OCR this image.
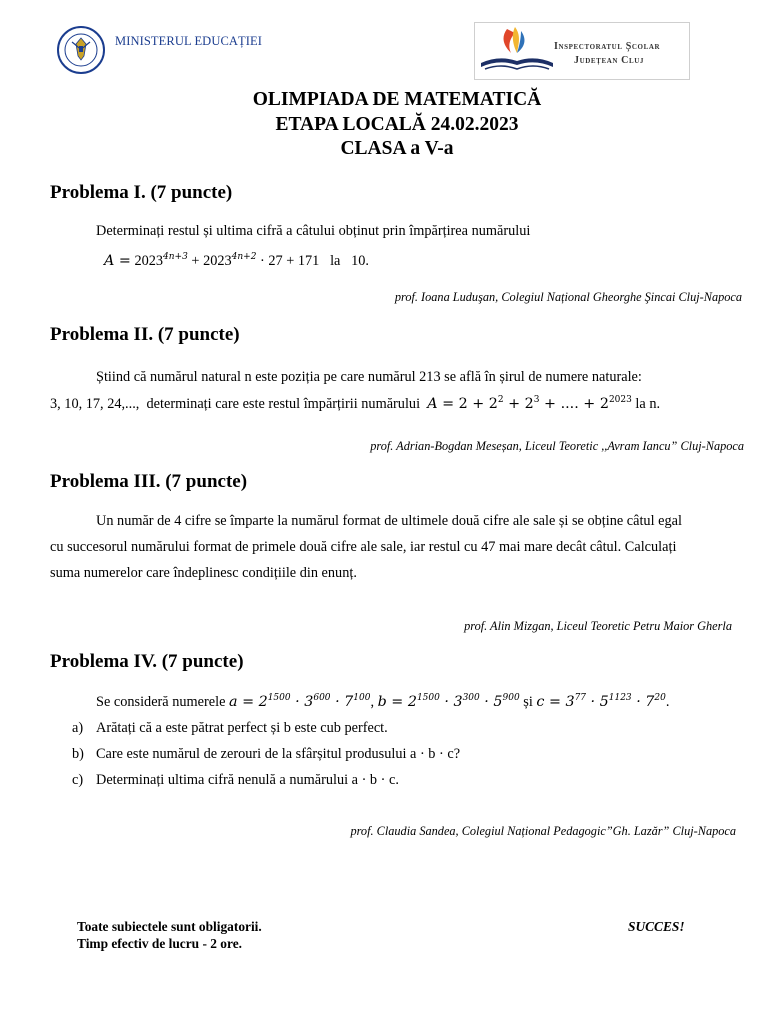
MINISTERUL EDUCAȚIEI	Inspectoratul Școlar
Județean Cluj
OLIMPIADA DE MATEMATICĂ
ETAPA LOCALĂ 24.02.2023
CLASA a V-a
Problema I. (7 puncte)
Determinați restul și ultima cifră a câtului obținut prin împărțirea numărului
$A = 2023^{4n+3} + 2023^{4n+2} \cdot 27 + 171$ la 10.
prof. Ioana Luduşan, Colegiul Național Gheorghe Şincai Cluj-Napoca
Problema II. (7 puncte)
Știind că numărul natural n este poziția pe care numărul 213 se află în șirul de numere naturale:
3, 10, 17, 24,..., determinați care este restul împărțirii numărului $A = 2 + 2^2 + 2^3$ + .... + $2^{2023}$ la n.
prof. Adrian-Bogdan Meseșan, Liceul Teoretic ,,Avram Iancu” Cluj-Napoca
Problema III. (7 puncte)
Un număr de 4 cifre se împarte la numărul format de ultimele două cifre ale sale și se obține câtul egal
cu succesorul numărului format de primele două cifre ale sale, iar restul cu 47 mai mare decât câtul. Calculați
suma numerelor care îndeplinesc condițiile din enunț.
prof. Alin Mizgan, Liceul Teoretic Petru Maior Gherla
Problema IV. (7 puncte)
Se consideră numerele $a = 2^{1500} \cdot 3^{600} \cdot 7^{100}$, $b = 2^{1500} \cdot 3^{300} \cdot 5^{900}$ și $c = 3^{77} \cdot 5^{1123} \cdot 7^{20}$.
a) Arătați că a este pătrat perfect și b este cub perfect.
b) Care este numărul de zerouri de la sfârșitul produsului a · b · c?
c) Determinați ultima cifră nenulă a numărului a · b · c.
prof. Claudia Sandea, Colegiul Național Pedagogic”Gh. Lazăr” Cluj-Napoca
Toate subiectele sunt obligatorii.
Timp efectiv de lucru - 2 ore.
SUCCES!
